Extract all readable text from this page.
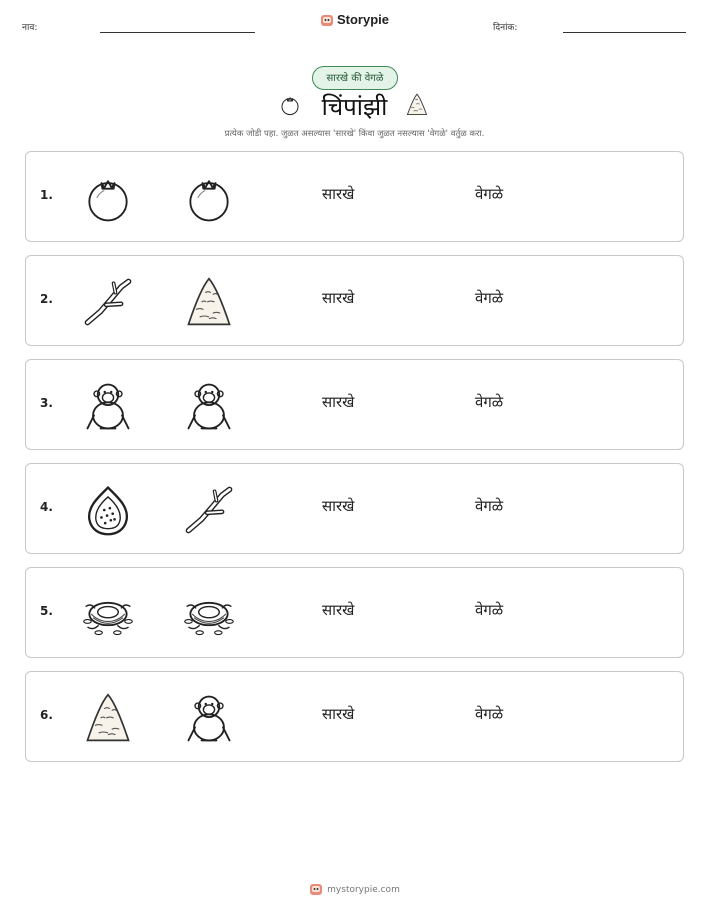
नाव:
Storypie
दिनांक:
सारखे की वेगळे
चिंपांझी
प्रत्येक जोडी पहा. जुळत असल्यास 'सारखे' किंवा जुळत नसल्यास 'वेगळे' वर्तुळ करा.
1.	सारखे	वेगळे
2.	सारखे	वेगळे
3.	सारखे	वेगळे
4.	सारखे	वेगळे
5.	सारखे	वेगळे
6.	सारखे	वेगळे
mystorypie.com
